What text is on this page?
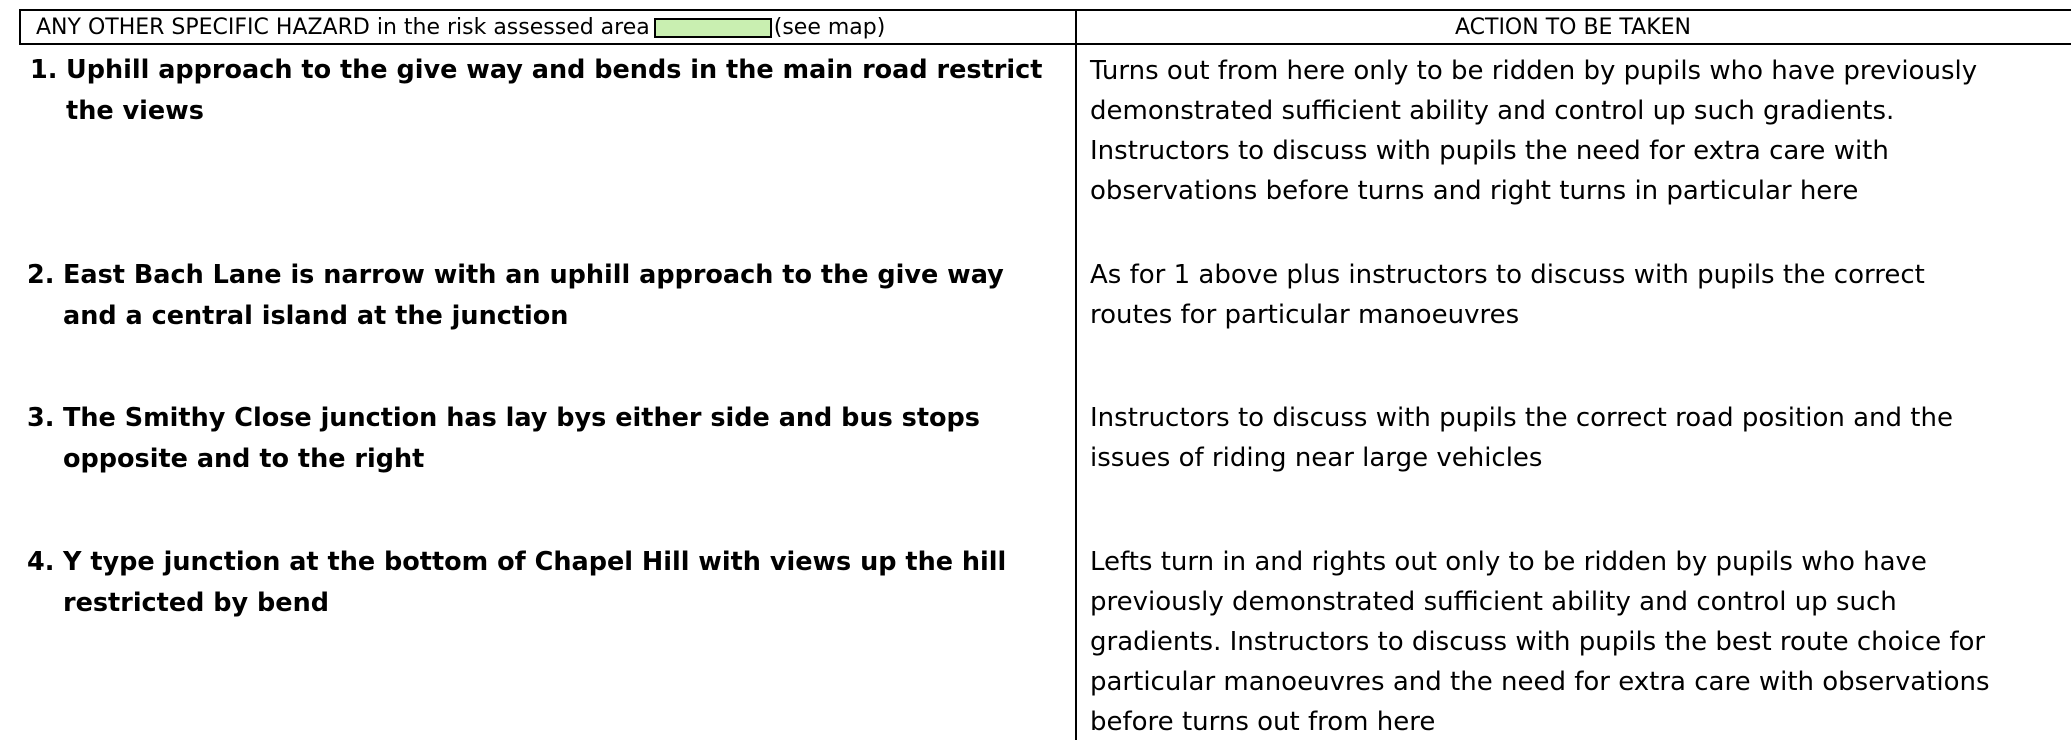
ANY OTHER SPECIFIC HAZARD in the risk assessed area	(see map)	ACTION TO BE TAKEN
1. Uphill approach to the give way and bends in the main road restrict the views
Turns out from here only to be ridden by pupils who have previously
demonstrated sufficient ability and control up such gradients.
Instructors to discuss with pupils the need for extra care with
observations before turns and right turns in particular here
2. East Bach Lane is narrow with an uphill approach to the give way and a central island at the junction
As for 1 above plus instructors to discuss with pupils the correct
routes for particular manoeuvres
3. The Smithy Close junction has lay bys either side and bus stops opposite and to the right
Instructors to discuss with pupils the correct road position and the
issues of riding near large vehicles
4. Y type junction at the bottom of Chapel Hill with views up the hill restricted by bend
Lefts turn in and rights out only to be ridden by pupils who have
previously demonstrated sufficient ability and control up such
gradients. Instructors to discuss with pupils the best route choice for
particular manoeuvres and the need for extra care with observations
before turns out from here
